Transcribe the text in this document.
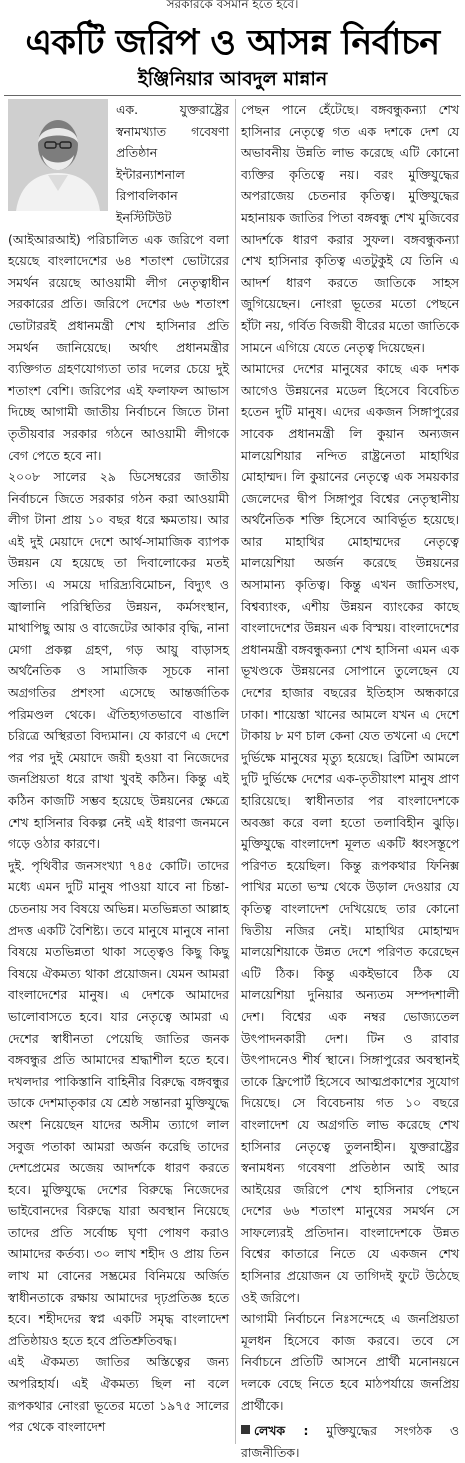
সরকারকে বসমান হতে হবে।
একটি জরিপ ও আসন্ন নির্বাচন
ইঞ্জিনিয়ার আবদুল মান্নান

এক. যুক্তরাষ্ট্রের স্বনামখ্যাত গবেষণা প্রতিষ্ঠান ইন্টারন্যাশনাল রিপাবলিকান ইনস্টিটিউট (আইআরআই) পরিচালিত এক জরিপে বলা হয়েছে বাংলাদেশের ৬৪ শতাংশ ভোটারের সমর্থন রয়েছে আওয়ামী লীগ নেতৃত্বাধীন সরকারের প্রতি। জরিপে দেশের ৬৬ শতাংশ ভোটাররই প্রধানমন্ত্রী শেখ হাসিনার প্রতি সমর্থন জানিয়েছে। অর্থাৎ প্রধানমন্ত্রীর ব্যক্তিগত গ্রহণযোগ্যতা তার দলের চেয়ে দুই শতাংশ বেশি। জরিপের এই ফলাফল আভাস দিচ্ছে আগামী জাতীয় নির্বাচনে জিতে টানা তৃতীয়বার সরকার গঠনে আওয়ামী লীগকে বেগ পেতে হবে না।

২০০৮ সালের ২৯ ডিসেম্বরের জাতীয় নির্বাচনে জিতে সরকার গঠন করা আওয়ামী লীগ টানা প্রায় ১০ বছর ধরে ক্ষমতায়। আর এই দুই মেয়াদে দেশে আর্থ-সামাজিক ব্যাপক উন্নয়ন যে হয়েছে তা দিবালোকের মতই সত্যি। এ সময়ে দারিদ্র্যবিমোচন, বিদ্যুৎ ও জ্বালানি পরিস্থিতির উন্নয়ন, কর্মসংস্থান, মাথাপিছু আয় ও বাজেটের আকার বৃদ্ধি, নানা মেগা প্রকল্প গ্রহণ, গড় আয়ু বাড়াসহ অর্থনৈতিক ও সামাজিক সূচকে নানা অগ্রগতির প্রশংসা এসেছে আন্তর্জাতিক পরিমণ্ডল থেকে। ঐতিহ্যগতভাবে বাঙালি চরিত্রে অস্থিরতা বিদ্যমান। যে কারণে এ দেশে পর পর দুই মেয়াদে জয়ী হওয়া বা নিজেদের জনপ্রিয়তা ধরে রাখা খুবই কঠিন। কিন্তু এই কঠিন কাজটি সম্ভব হয়েছে উন্নয়নের ক্ষেত্রে শেখ হাসিনার বিকল্প নেই এই ধারণা জনমনে গড়ে ওঠার কারণে।

দুই. পৃথিবীর জনসংখ্যা ৭৪৫ কোটি। তাদের মধ্যে এমন দুটি মানুষ পাওয়া যাবে না চিন্তা-চেতনায় সব বিষয়ে অভিন্ন। মতভিন্নতা আল্লাহ প্রদত্ত একটি বৈশিষ্ট্য। তবে মানুষে মানুষে নানা বিষয়ে মতভিন্নতা থাকা সত্ত্বেও কিছু কিছু বিষয়ে ঐকমত্য থাকা প্রয়োজন। যেমন আমরা বাংলাদেশের মানুষ। এ দেশকে আমাদের ভালোবাসতে হবে। যার নেতৃত্বে আমরা এ দেশের স্বাধীনতা পেয়েছি জাতির জনক বঙ্গবন্ধুর প্রতি আমাদের শ্রদ্ধাশীল হতে হবে। দখলদার পাকিস্তানি বাহিনীর বিরুদ্ধে বঙ্গবন্ধুর ডাকে দেশমাতৃকার যে শ্রেষ্ঠ সন্তানরা মুক্তিযুদ্ধে অংশ নিয়েছেন যাদের অসীম ত্যাগে লাল সবুজ পতাকা আমরা অর্জন করেছি তাদের দেশপ্রেমের অজেয় আদর্শকে ধারণ করতে হবে। মুক্তিযুদ্ধে দেশের বিরুদ্ধে নিজেদের ভাইবোনদের বিরুদ্ধে যারা অবস্থান নিয়েছে তাদের প্রতি সর্বোচ্চ ঘৃণা পোষণ করাও আমাদের কর্তব্য। ৩০ লাখ শহীদ ও প্রায় তিন লাখ মা বোনের সম্ভ্রমের বিনিময়ে অর্জিত স্বাধীনতাকে রক্ষায় আমাদের দৃঢ়প্রতিজ্ঞ হতে হবে। শহীদদের স্বপ্ন একটি সমৃদ্ধ বাংলাদেশ প্রতিষ্ঠায়ও হতে হবে প্রতিশ্রুতিবদ্ধ।

এই ঐকমত্য জাতির অস্তিত্বের জন্য অপরিহার্য। এই ঐকমত্য ছিল না বলে রূপকথার নোংরা ভূতের মতো ১৯৭৫ সালের পর থেকে বাংলাদেশ

পেছন পানে হেঁটেছে। বঙ্গবন্ধুকন্যা শেখ হাসিনার নেতৃত্বে গত এক দশকে দেশ যে অভাবনীয় উন্নতি লাভ করেছে এটি কোনো ব্যক্তির কৃতিত্বে নয়। বরং মুক্তিযুদ্ধের অপরাজেয় চেতনার কৃতিত্ব। মুক্তিযুদ্ধের মহানায়ক জাতির পিতা বঙ্গবন্ধু শেখ মুজিবের আদর্শকে ধারণ করার সুফল। বঙ্গবন্ধুকন্যা শেখ হাসিনার কৃতিত্ব এতটুকুই যে তিনি এ আদর্শ ধারণ করতে জাতিকে সাহস জুগিয়েছেন। নোংরা ভূতের মতো পেছনে হাঁটা নয়, গর্বিত বিজয়ী বীরের মতো জাতিকে সামনে এগিয়ে যেতে নেতৃত্ব দিয়েছেন।

আমাদের দেশের মানুষের কাছে এক দশক আগেও উন্নয়নের মডেল হিসেবে বিবেচিত হতেন দুটি মানুষ। এদের একজন সিঙ্গাপুরের সাবেক প্রধানমন্ত্রী লি কুয়ান অন্যজন মালয়েশিয়ার নন্দিত রাষ্ট্রনেতা মাহাথির মোহাম্মদ। লি কুয়ানের নেতৃত্বে এক সময়কার জেলেদের দ্বীপ সিঙ্গাপুর বিশ্বের নেতৃস্থানীয় অর্থনৈতিক শক্তি হিসেবে আবির্ভূত হয়েছে। আর মাহাথির মোহাম্মদের নেতৃত্বে মালয়েশিয়া অর্জন করেছে উন্নয়নের অসামান্য কৃতিত্ব। কিন্তু এখন জাতিসংঘ, বিশ্বব্যাংক, এশীয় উন্নয়ন ব্যাংকের কাছে বাংলাদেশের উন্নয়ন এক বিস্ময়। বাংলাদেশের প্রধানমন্ত্রী বঙ্গবন্ধুকন্যা শেখ হাসিনা এমন এক ভূখণ্ডকে উন্নয়নের সোপানে তুলেছেন যে দেশের হাজার বছরের ইতিহাস অন্ধকারে ঢাকা। শায়েস্তা খানের আমলে যখন এ দেশে টাকায় ৮ মণ চাল কেনা যেত তখনো এ দেশে দুর্ভিক্ষে মানুষের মৃত্যু হয়েছে। ব্রিটিশ আমলে দুটি দুর্ভিক্ষে দেশের এক-তৃতীয়াংশ মানুষ প্রাণ হারিয়েছে। স্বাধীনতার পর বাংলাদেশকে অবজ্ঞা করে বলা হতো তলাবিহীন ঝুড়ি। মুক্তিযুদ্ধে বাংলাদেশ মূলত একটি ধ্বংসস্তূপে পরিণত হয়েছিল। কিন্তু রূপকথার ফিনিক্স পাখির মতো ভস্ম থেকে উড়াল দেওয়ার যে কৃতিত্ব বাংলাদেশ দেখিয়েছে তার কোনো দ্বিতীয় নজির নেই। মাহাথির মোহাম্মদ মালয়েশিয়াকে উন্নত দেশে পরিণত করেছেন এটি ঠিক। কিন্তু একইভাবে ঠিক যে মালয়েশিয়া দুনিয়ার অন্যতম সম্পদশালী দেশ। বিশ্বের এক নম্বর ভোজ্যতেল উৎপাদনকারী দেশ। টিন ও রাবার উৎপাদনেও শীর্ষ স্থানে। সিঙ্গাপুরের অবস্থানই তাকে ফ্রিপোর্ট হিসেবে আত্মপ্রকাশের সুযোগ দিয়েছে। সে বিবেচনায় গত ১০ বছরে বাংলাদেশ যে অগ্রগতি লাভ করেছে শেখ হাসিনার নেতৃত্বে তুলনাহীন। যুক্তরাষ্ট্রের স্বনামধন্য গবেষণা প্রতিষ্ঠান আই আর আইয়ের জরিপে শেখ হাসিনার পেছনে দেশের ৬৬ শতাংশ মানুষের সমর্থন সে সাফল্যেরই প্রতিদান। বাংলাদেশকে উন্নত বিশ্বের কাতারে নিতে যে একজন শেখ হাসিনার প্রয়োজন যে তাগিদই ফুটে উঠেছে ওই জরিপে।

আগামী নির্বাচনে নিঃসন্দেহে এ জনপ্রিয়তা মূলধন হিসেবে কাজ করবে। তবে সে নির্বাচনে প্রতিটি আসনে প্রার্থী মনোনয়নে দলকে বেছে নিতে হবে মাঠপর্যায়ে জনপ্রিয় প্রার্থীকে।

লেখক : মুক্তিযুদ্ধের সংগঠক ও রাজনীতিক।
